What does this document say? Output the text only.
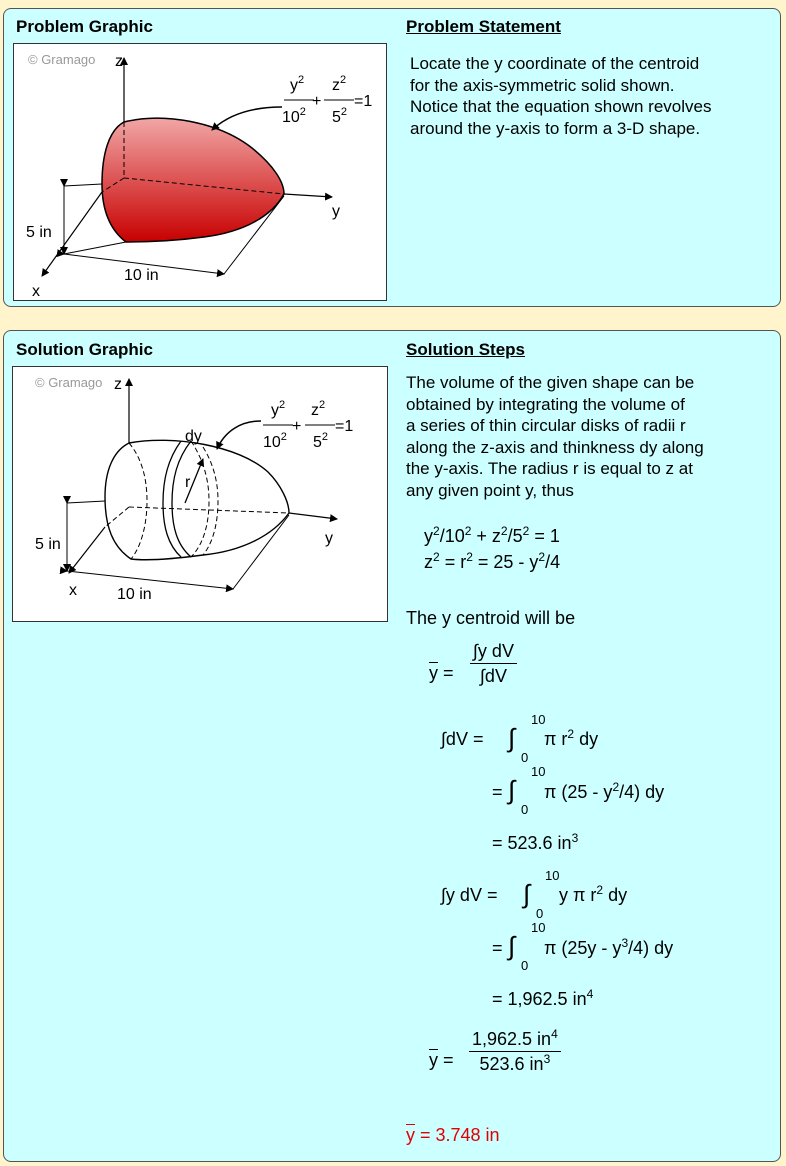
Problem Graphic	Problem Statement
© Gramago z
y
x
5 in
10 in
$y^2$
$10^2$
+
$z^2$
$5^2$
=1
Locate the y coordinate of the centroid
for the axis-symmetric solid shown.
Notice that the equation shown revolves
around the y-axis to form a 3-D shape.
Solution Graphic	Solution Steps
© Gramago z
r
dy
y
x
5 in
10 in
$y^2$
$10^2$
+
$z^2$
$5^2$
=1
The volume of the given shape can be
obtained by integrating the volume of
a series of thin circular disks of radii r
along the z-axis and thinkness dy along
the y-axis. The radius r is equal to z at
any given point y, thus
$y^2/10^2 + z^2/5^2 = 1$
$z^2 = r^2 = 25 - y^2/4$
The y centroid will be
$\overline{y} = \frac{\text{∫y dV}}{\int dV}$
∫dV = ∫
10
0
π $r^2$ dy
= ∫
10
0
π $(25 - y^2/4)$ dy
= 523.6 $in^3$
∫y dV = ∫
10
0
y π $r^2$ dy
= ∫
10
0
π $(25y - y^3/4)$ dy
= 1,962.5 $in^4$
$\overline{y} = \frac{1,962.5 in^4}{523.6 in^3}$
$\overline{y} = 3.748$ in
